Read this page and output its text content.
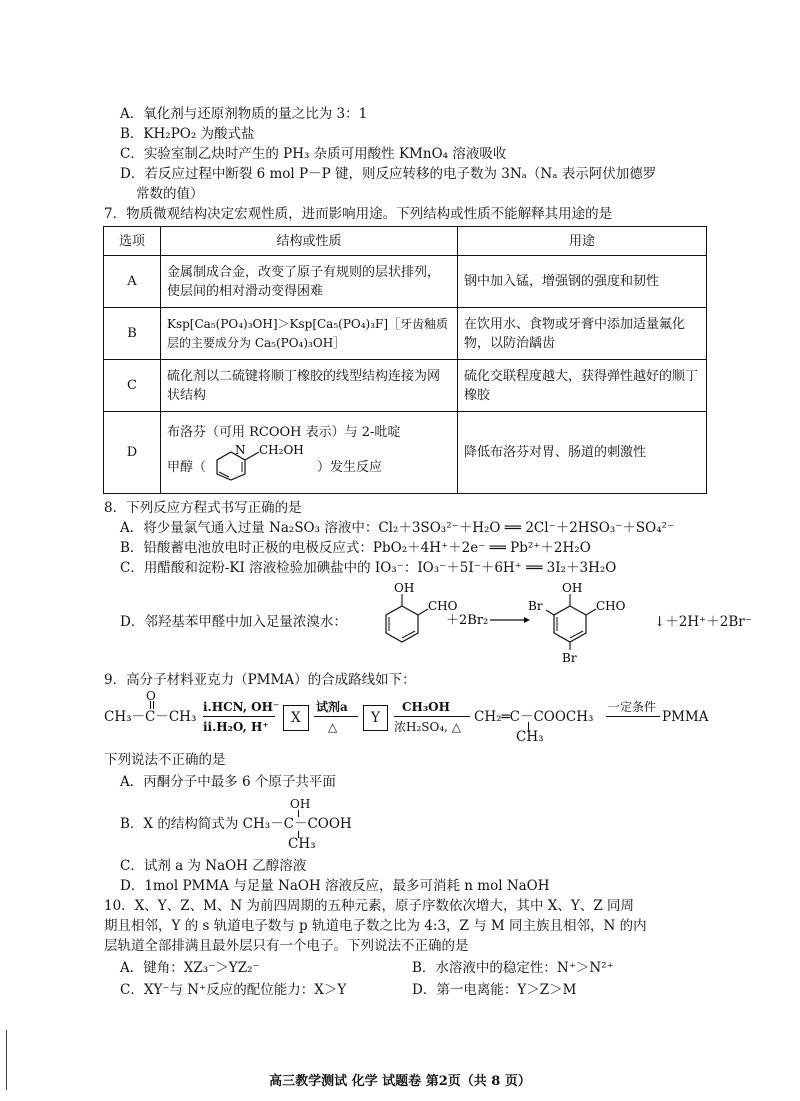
A．氧化剂与还原剂物质的量之比为 3：1
B．KH₂PO₂ 为酸式盐
C．实验室制乙炔时产生的 PH₃ 杂质可用酸性 KMnO₄ 溶液吸收
D．若反应过程中断裂 6 mol P－P 键，则反应转移的电子数为 3Nₐ（Nₐ 表示阿伏加德罗
常数的值）
7．物质微观结构决定宏观性质，进而影响用途。下列结构或性质不能解释其用途的是
选项	结构或性质	用途
A	金属制成合金，改变了原子有规则的层状排列，使层间的相对滑动变得困难	钢中加入锰，增强钢的强度和韧性
B	Ksp[Ca₅(PO₄)₃OH]＞Ksp[Ca₅(PO₄)₃F]［牙齿釉质层的主要成分为 Ca₅(PO₄)₃OH］	在饮用水、食物或牙膏中添加适量氟化物，以防治龋齿
C	硫化剂以二硫键将顺丁橡胶的线型结构连接为网状结构	硫化交联程度越大，获得弹性越好的顺丁橡胶
D	布洛芬（可用 RCOOH 表示）与 2-吡啶
甲醇（
N CH₂OH
）发生反应	降低布洛芬对胃、肠道的刺激性
8．下列反应方程式书写正确的是
A．将少量氯气通入过量 Na₂SO₃ 溶液中：Cl₂＋3SO₃²⁻＋H₂O ══ 2Cl⁻＋2HSO₃⁻＋SO₄²⁻
B．铅酸蓄电池放电时正极的电极反应式：PbO₂＋4H⁺＋2e⁻ ══ Pb²⁺＋2H₂O
C．用醋酸和淀粉-KI 溶液检验加碘盐中的 IO₃⁻：IO₃⁻＋5I⁻＋6H⁺ ══ 3I₂＋3H₂O
D．邻羟基苯甲醛中加入足量浓溴水：
OH
CHO
＋2Br₂
OH
CHO
Br
Br
↓＋2H⁺＋2Br⁻
9．高分子材料亚克力（PMMA）的合成路线如下：
O
CH₃－C－CH₃
i.HCN, OH⁻
ii.H₂O, H⁺
X
试剂a
△
Y
CH₃OH
浓H₂SO₄, △
CH₂═C－COOCH₃
CH₃
一定条件
PMMA
下列说法不正确的是
A．丙酮分子中最多 6 个原子共平面
OH
B．X 的结构简式为 CH₃－C－COOH
CH₃
C．试剂 a 为 NaOH 乙醇溶液
D．1mol PMMA 与足量 NaOH 溶液反应，最多可消耗 n mol NaOH
10．X、Y、Z、M、N 为前四周期的五种元素，原子序数依次增大，其中 X、Y、Z 同周
期且相邻，Y 的 s 轨道电子数与 p 轨道电子数之比为 4:3，Z 与 M 同主族且相邻，N 的内
层轨道全部排满且最外层只有一个电子。下列说法不正确的是
A．键角：XZ₃⁻＞YZ₂⁻	B．水溶液中的稳定性：N⁺＞N²⁺
C．XY⁻与 N⁺反应的配位能力：X＞Y	D．第一电离能：Y＞Z＞M
高三教学测试 化学 试题卷 第2页（共 8 页）
